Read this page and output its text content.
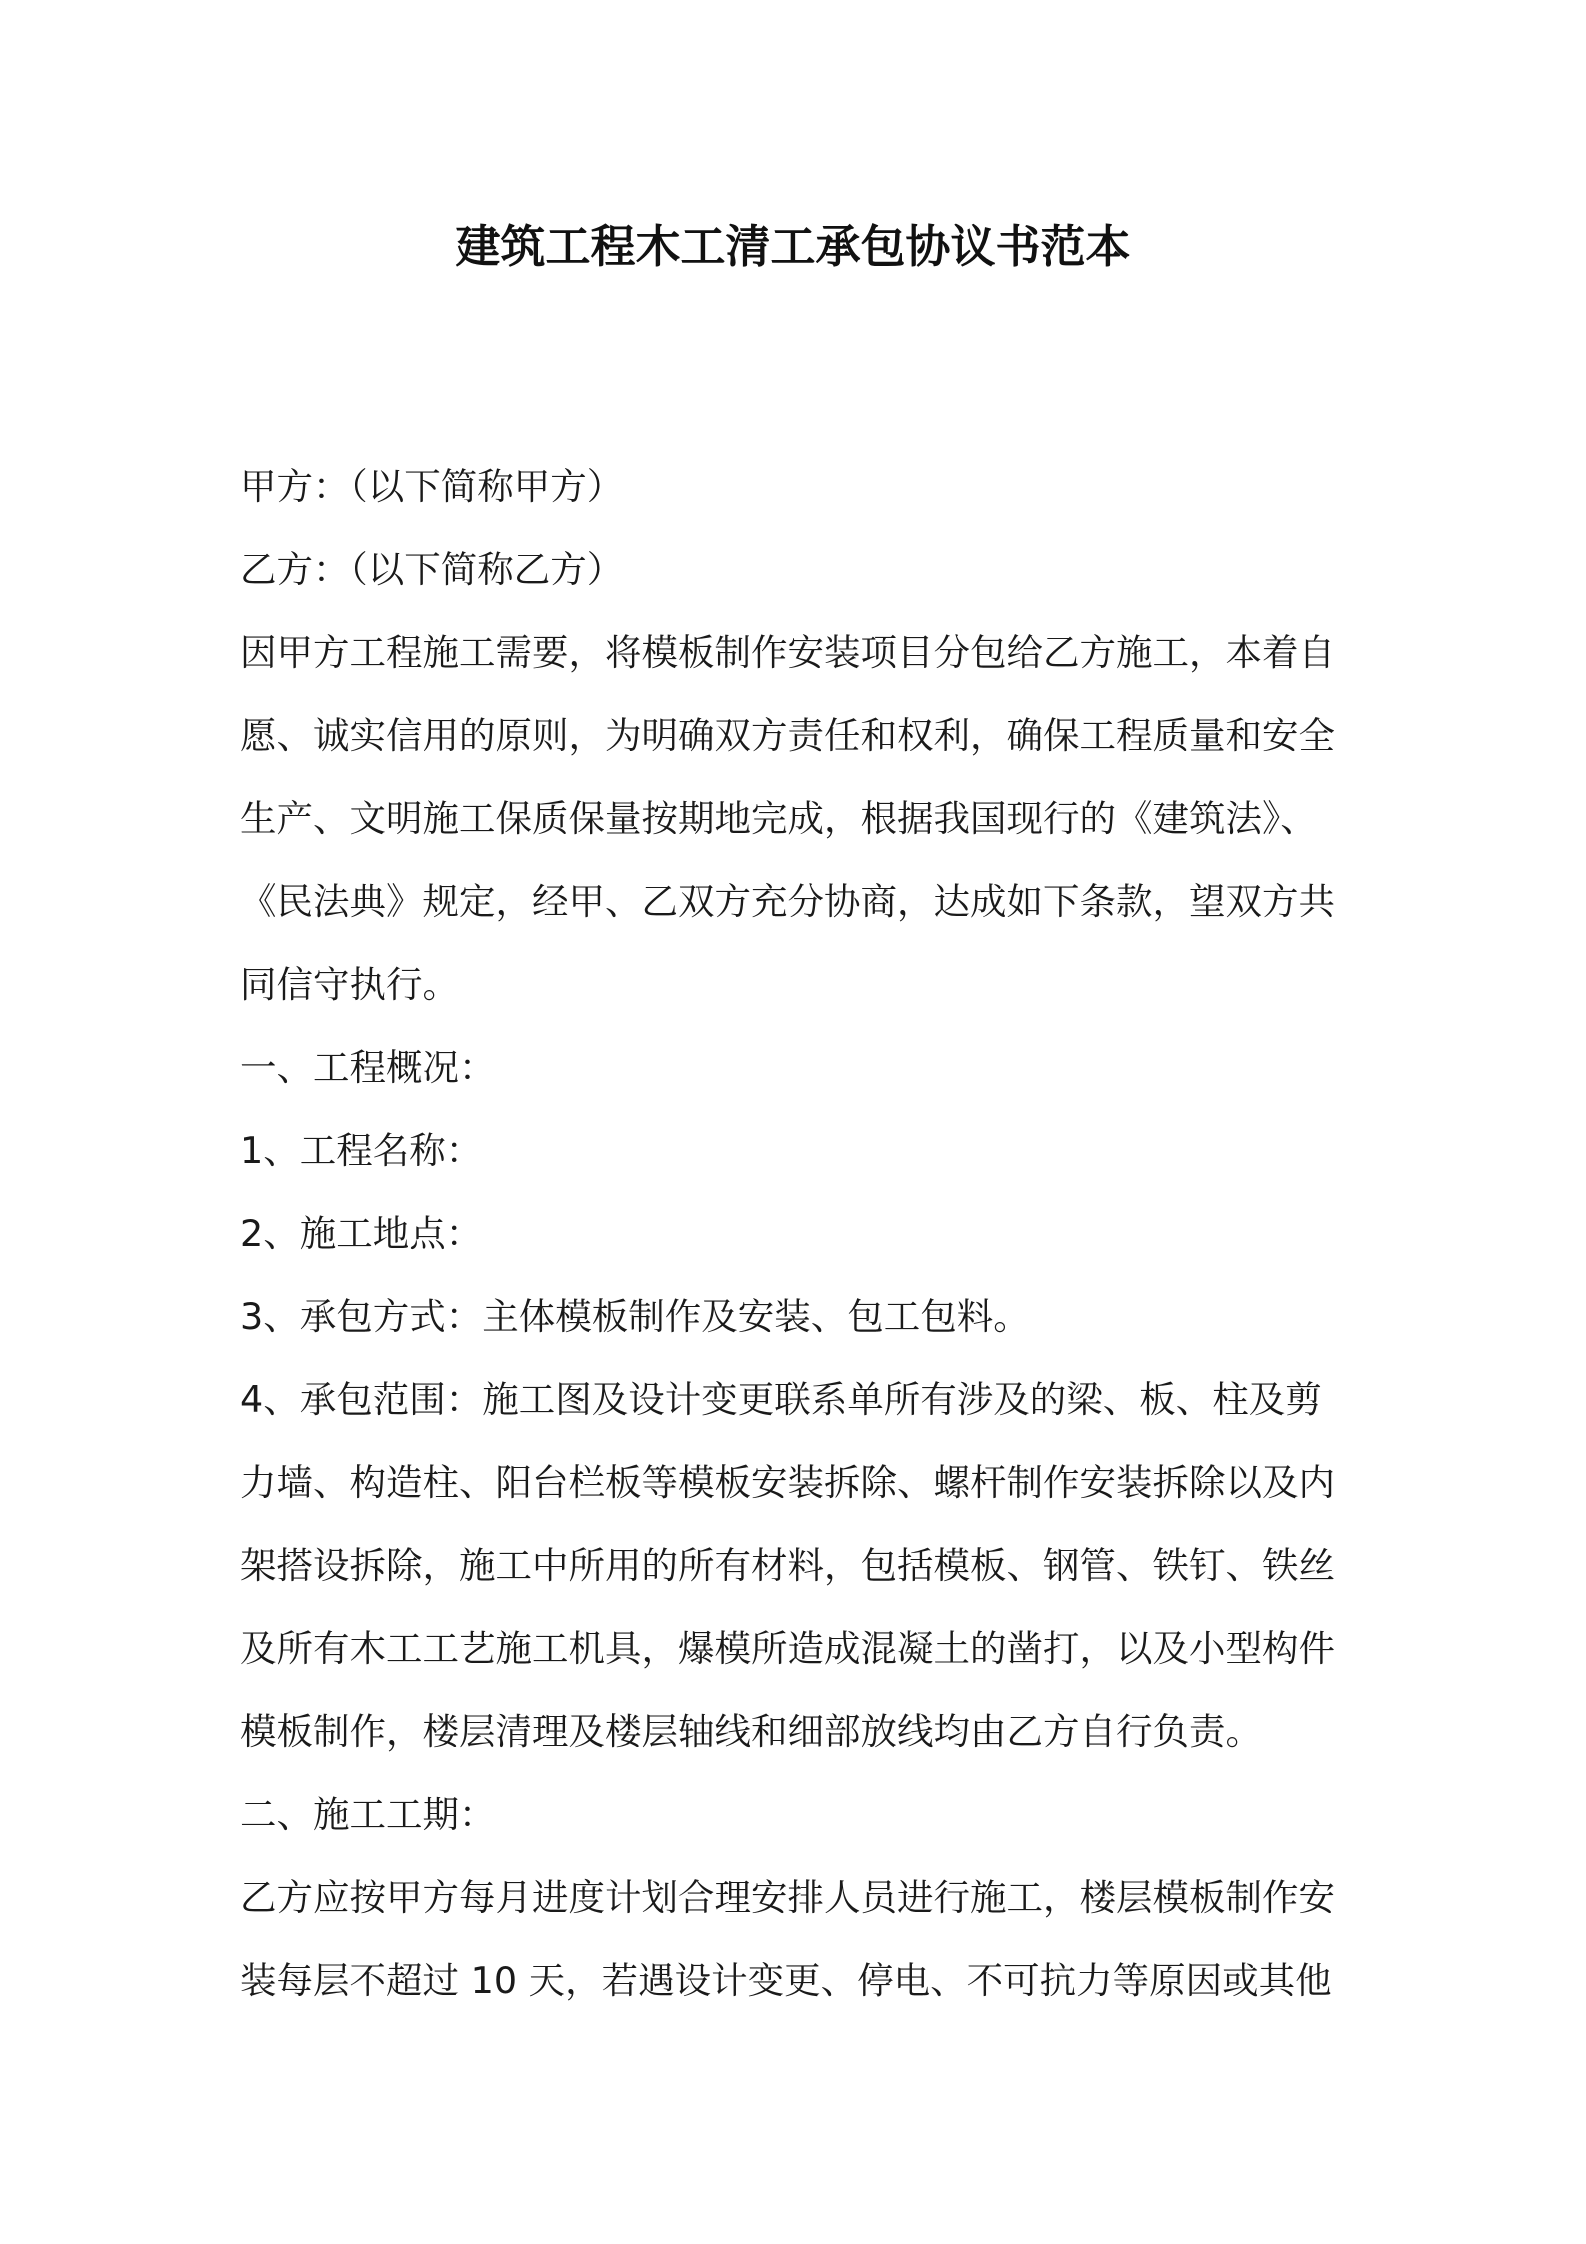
建筑工程木工清工承包协议书范本

甲方：（以下简称甲方）

乙方：（以下简称乙方）

因甲方工程施工需要，将模板制作安装项目分包给乙方施工，本着自

愿、诚实信用的原则，为明确双方责任和权利，确保工程质量和安全

生产、文明施工保质保量按期地完成，根据我国现行的《建筑法》、

《民法典》规定，经甲、乙双方充分协商，达成如下条款，望双方共

同信守执行。

一、工程概况：

1、工程名称：

2、施工地点：

3、承包方式：主体模板制作及安装、包工包料。

4、承包范围：施工图及设计变更联系单所有涉及的梁、板、柱及剪

力墙、构造柱、阳台栏板等模板安装拆除、螺杆制作安装拆除以及内

架搭设拆除，施工中所用的所有材料，包括模板、钢管、铁钉、铁丝

及所有木工工艺施工机具，爆模所造成混凝土的凿打，以及小型构件

模板制作，楼层清理及楼层轴线和细部放线均由乙方自行负责。

二、施工工期：

乙方应按甲方每月进度计划合理安排人员进行施工，楼层模板制作安

装每层不超过 10 天，若遇设计变更、停电、不可抗力等原因或其他
